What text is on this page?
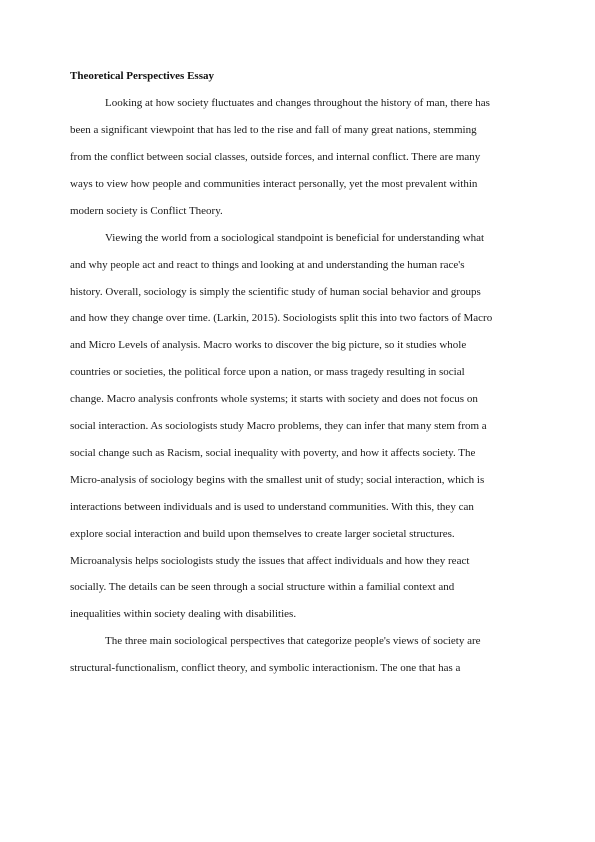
Theoretical Perspectives Essay
Looking at how society fluctuates and changes throughout the history of man, there has
been a significant viewpoint that has led to the rise and fall of many great nations, stemming
from the conflict between social classes, outside forces, and internal conflict. There are many
ways to view how people and communities interact personally, yet the most prevalent within
modern society is Conflict Theory.
Viewing the world from a sociological standpoint is beneficial for understanding what
and why people act and react to things and looking at and understanding the human race's
history. Overall, sociology is simply the scientific study of human social behavior and groups
and how they change over time. (Larkin, 2015). Sociologists split this into two factors of Macro
and Micro Levels of analysis. Macro works to discover the big picture, so it studies whole
countries or societies, the political force upon a nation, or mass tragedy resulting in social
change. Macro analysis confronts whole systems; it starts with society and does not focus on
social interaction. As sociologists study Macro problems, they can infer that many stem from a
social change such as Racism, social inequality with poverty, and how it affects society. The
Micro-analysis of sociology begins with the smallest unit of study; social interaction, which is
interactions between individuals and is used to understand communities. With this, they can
explore social interaction and build upon themselves to create larger societal structures.
Microanalysis helps sociologists study the issues that affect individuals and how they react
socially. The details can be seen through a social structure within a familial context and
inequalities within society dealing with disabilities.
The three main sociological perspectives that categorize people's views of society are
structural-functionalism, conflict theory, and symbolic interactionism. The one that has a
